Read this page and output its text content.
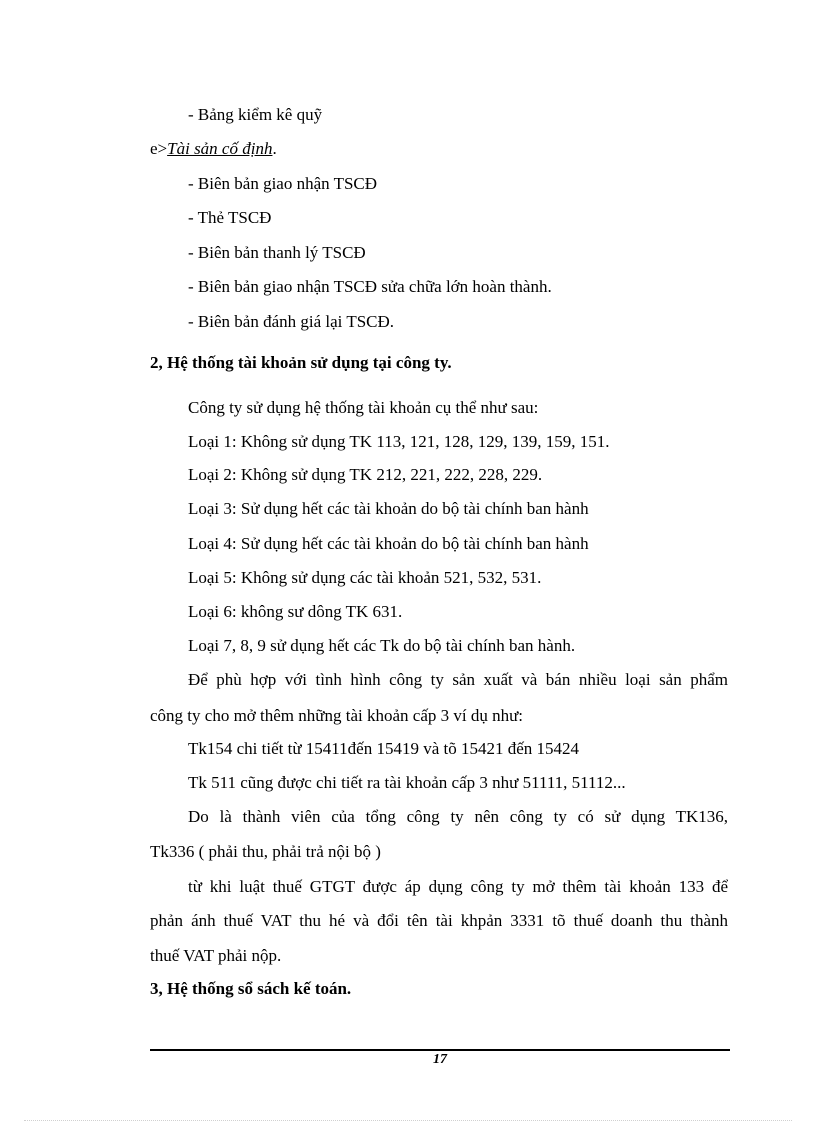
- Bảng kiểm kê quỹ
e>Tài sản cố định.
- Biên bản giao nhận TSCĐ
- Thẻ TSCĐ
- Biên bản thanh lý TSCĐ
- Biên bản giao nhận TSCĐ sửa chữa lớn hoàn thành.
- Biên bản đánh giá lại TSCĐ.
2, Hệ thống tài khoản sử dụng tại công ty.
Công ty sử dụng hệ thống tài khoản cụ thể như sau:
Loại 1: Không sử dụng TK 113, 121, 128, 129, 139, 159, 151.
Loại 2: Không sử dụng TK 212, 221, 222, 228, 229.
Loại 3: Sử dụng hết các tài khoản do bộ tài chính ban hành
Loại 4: Sử dụng hết các tài khoản do bộ tài chính ban hành
Loại 5: Không sử dụng các tài khoản 521, 532, 531.
Loại 6: không sư dông TK 631.
Loại 7, 8, 9 sử dụng hết các Tk do bộ tài chính ban hành.
Để phù hợp với tình hình công ty sản xuất và bán nhiều loại sản phẩm
công ty cho mở thêm những tài khoản cấp 3 ví dụ như:
Tk154 chi tiết từ 15411đến 15419 và tõ 15421 đến 15424
Tk 511 cũng được chi tiết ra tài khoản cấp 3 như 51111, 51112...
Do là thành viên của tổng công ty nên công ty có sử dụng TK136,
Tk336 ( phải thu, phải trả nội bộ )
từ khi luật thuế GTGT được áp dụng công ty mở thêm tài khoản 133 để
phản ánh thuế VAT thu hé và đổi tên tài khpản 3331 tõ thuế doanh thu thành
thuế VAT phải nộp.
3, Hệ thống sổ sách kế toán.
17
